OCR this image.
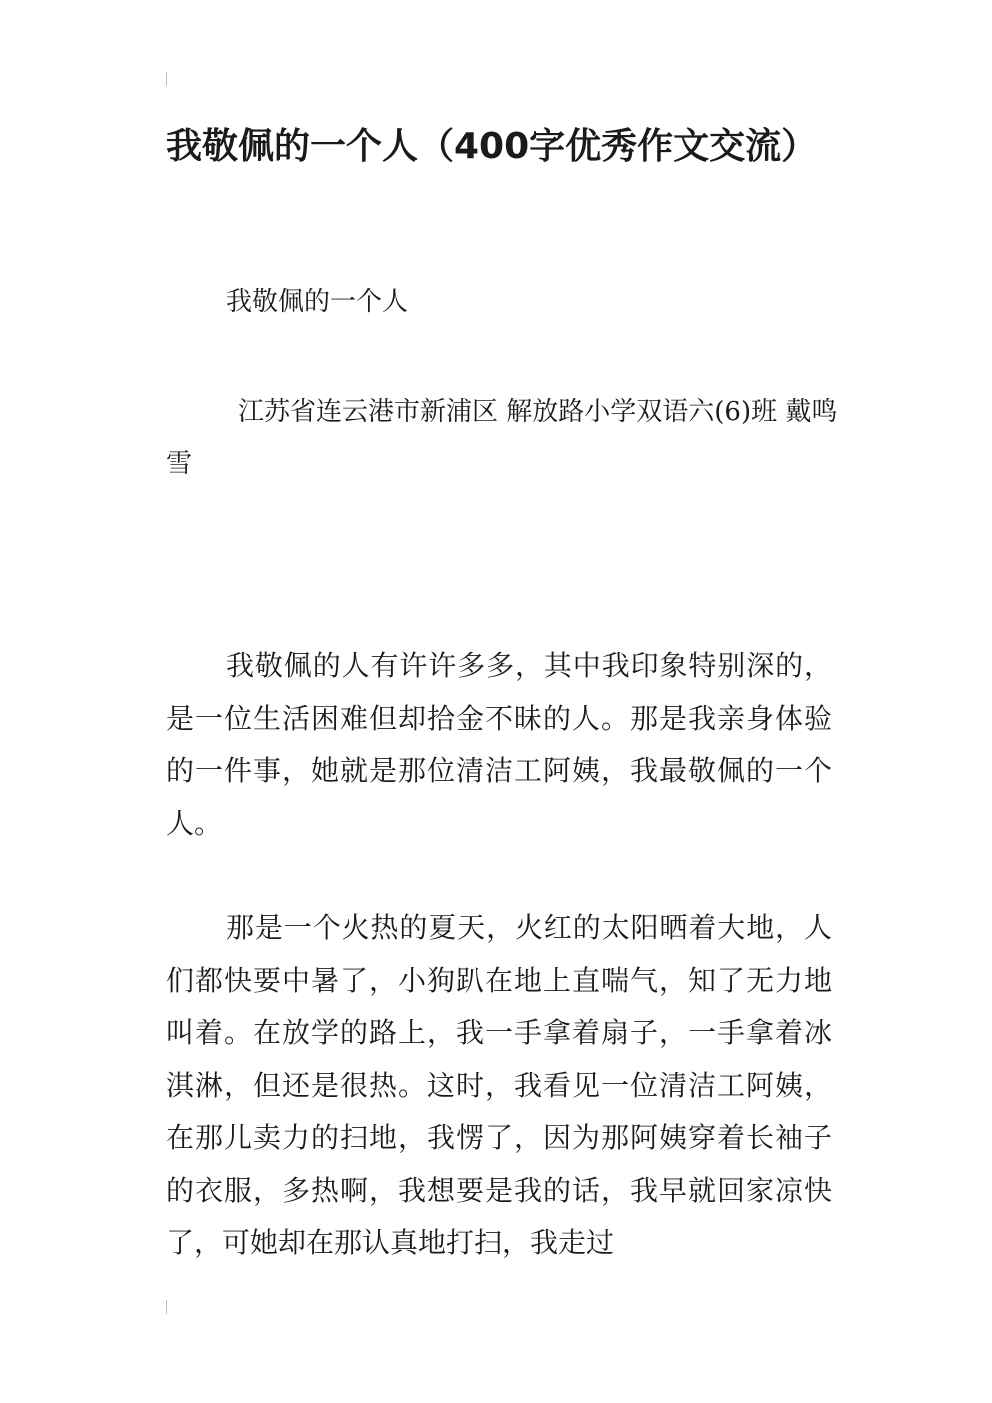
我敬佩的一个人（400字优秀作文交流）

我敬佩的一个人

江苏省连云港市新浦区 解放路小学双语六(6)班 戴鸣雪

我敬佩的人有许许多多，其中我印象特别深的，是一位生活困难但却拾金不昧的人。那是我亲身体验的一件事，她就是那位清洁工阿姨，我最敬佩的一个人。

那是一个火热的夏天，火红的太阳晒着大地，人们都快要中暑了，小狗趴在地上直喘气，知了无力地叫着。在放学的路上，我一手拿着扇子，一手拿着冰淇淋，但还是很热。这时，我看见一位清洁工阿姨，在那儿卖力的扫地，我愣了，因为那阿姨穿着长袖子的衣服，多热啊，我想要是我的话，我早就回家凉快了，可她却在那认真地打扫，我走过
